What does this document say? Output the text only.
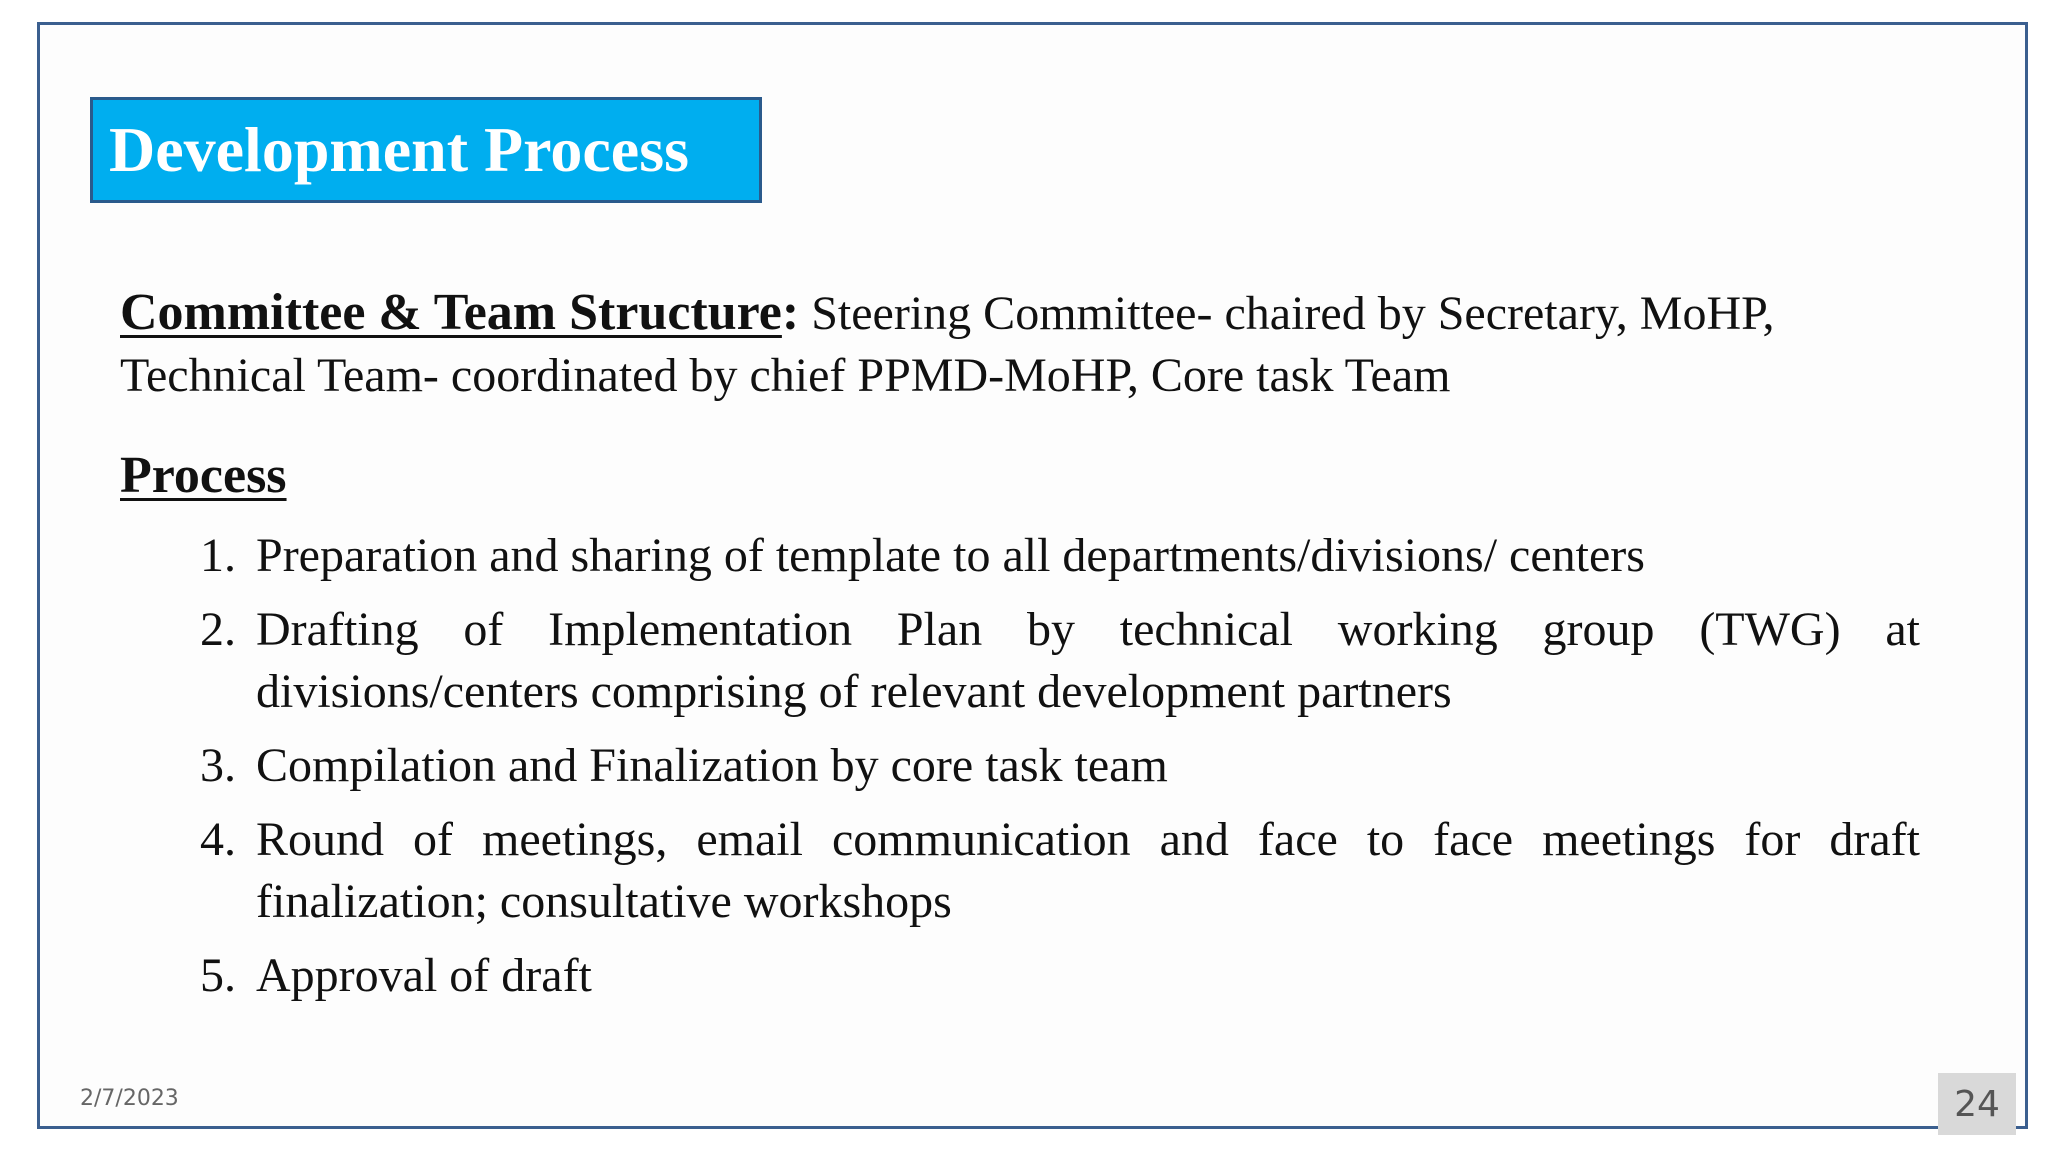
Development Process
Committee & Team Structure: Steering Committee- chaired by Secretary, MoHP, Technical Team- coordinated by chief PPMD-MoHP, Core task Team
Process
1. Preparation and sharing of template to all departments/divisions/ centers
2. Drafting of Implementation Plan by technical working group (TWG) at divisions/centers comprising of relevant development partners
3. Compilation and Finalization by core task team
4. Round of meetings, email communication and face to face meetings for draft finalization; consultative workshops
5. Approval of draft
24
2/7/2023
